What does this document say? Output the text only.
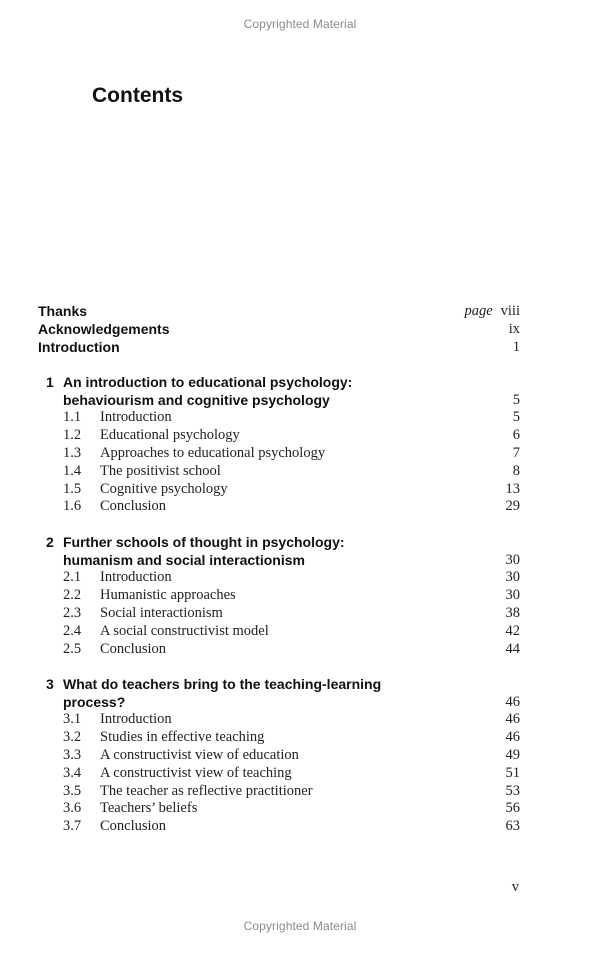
Copyrighted Material
Contents
Thanks	page viii
Acknowledgements	ix
Introduction	1
1 An introduction to educational psychology:
behaviourism and cognitive psychology	5
1.1 Introduction	5
1.2 Educational psychology	6
1.3 Approaches to educational psychology	7
1.4 The positivist school	8
1.5 Cognitive psychology	13
1.6 Conclusion	29
2 Further schools of thought in psychology:
humanism and social interactionism	30
2.1 Introduction	30
2.2 Humanistic approaches	30
2.3 Social interactionism	38
2.4 A social constructivist model	42
2.5 Conclusion	44
3 What do teachers bring to the teaching-learning
process?	46
3.1 Introduction	46
3.2 Studies in effective teaching	46
3.3 A constructivist view of education	49
3.4 A constructivist view of teaching	51
3.5 The teacher as reflective practitioner	53
3.6 Teachers’ beliefs	56
3.7 Conclusion	63
v
Copyrighted Material
